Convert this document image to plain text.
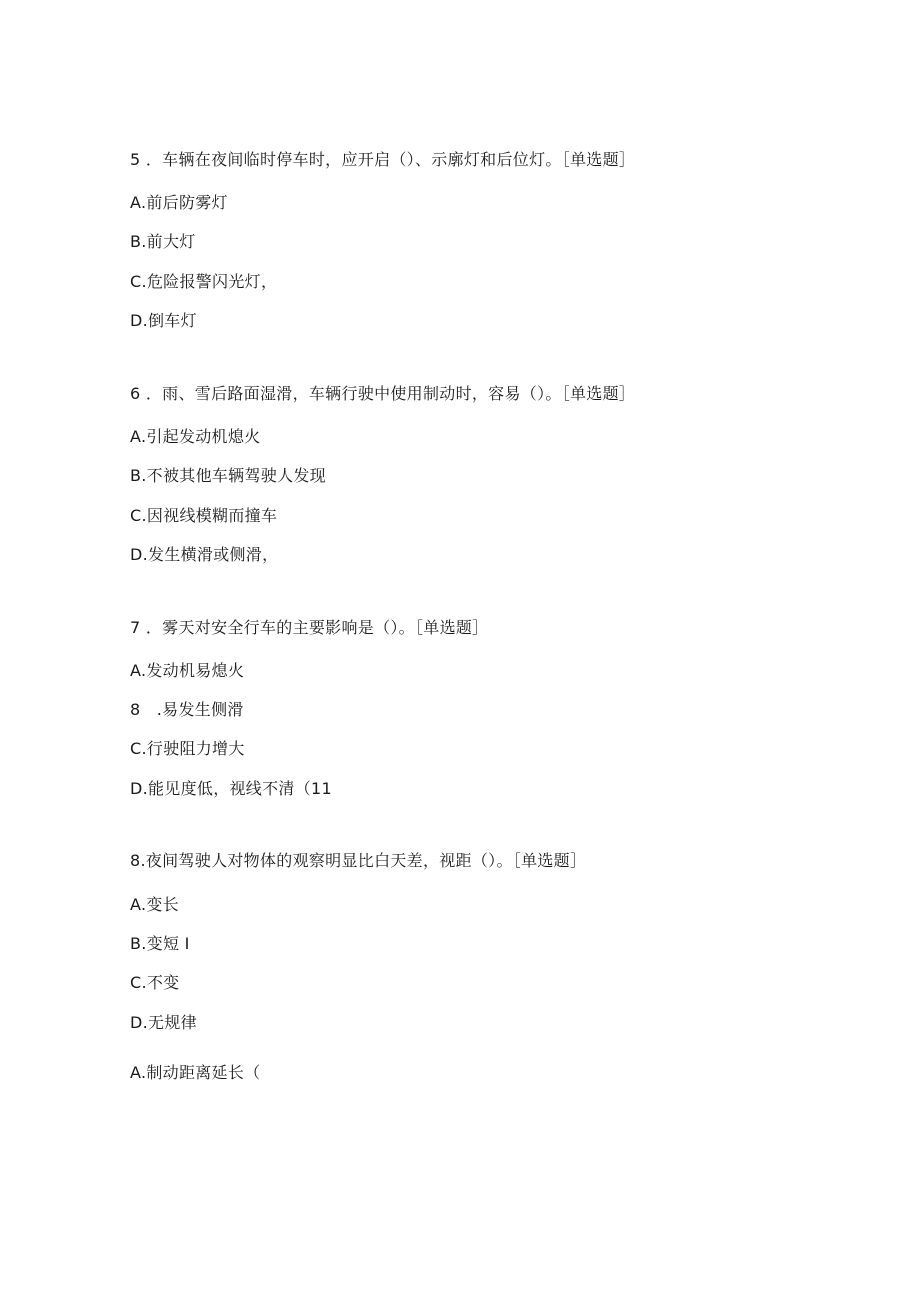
5 ．车辆在夜间临时停车时，应开启（）、示廓灯和后位灯。［单选题］
A.前后防雾灯
B.前大灯
C.危险报警闪光灯，
D.倒车灯
6 ．雨、雪后路面湿滑，车辆行驶中使用制动时，容易（）。［单选题］
A.引起发动机熄火
B.不被其他车辆驾驶人发现
C.因视线模糊而撞车
D.发生横滑或侧滑，
7 ．雾天对安全行车的主要影响是（）。［单选题］
A.发动机易熄火
8　.易发生侧滑
C.行驶阻力增大
D.能见度低，视线不清（11
8.夜间驾驶人对物体的观察明显比白天差，视距（）。［单选题］
A.变长
B.变短 I
C.不变
D.无规律
A.制动距离延长（
